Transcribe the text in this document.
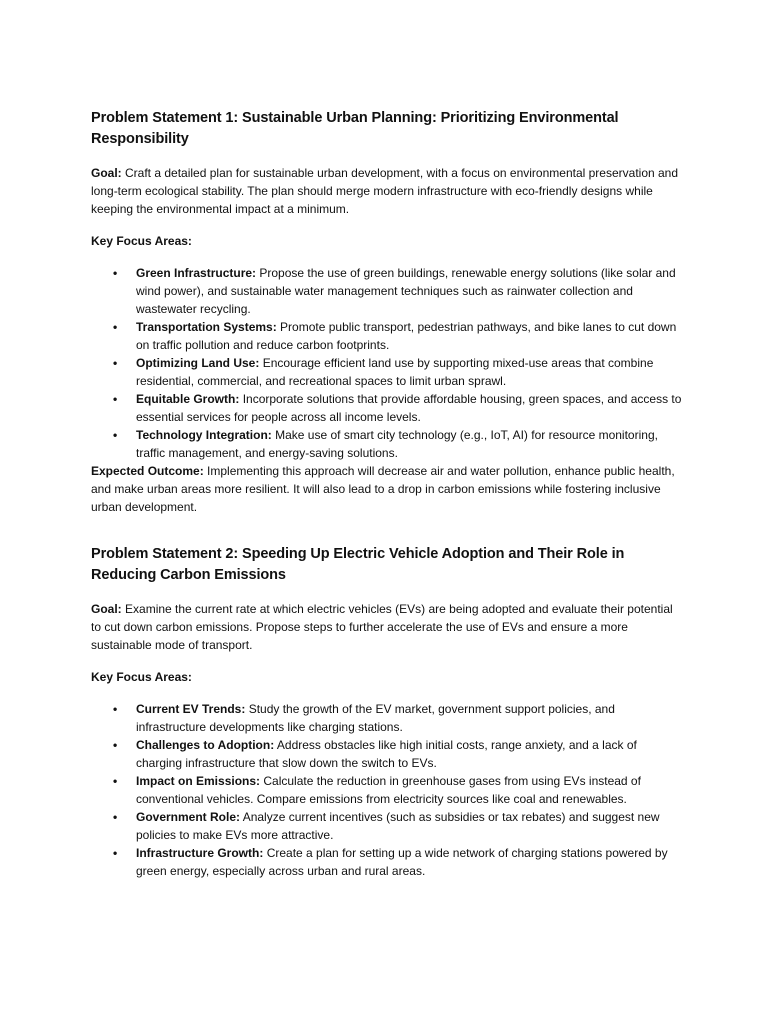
Problem Statement 1: Sustainable Urban Planning: Prioritizing Environmental Responsibility

Goal: Craft a detailed plan for sustainable urban development, with a focus on environmental preservation and long-term ecological stability. The plan should merge modern infrastructure with eco-friendly designs while keeping the environmental impact at a minimum.

Key Focus Areas:

• Green Infrastructure: Propose the use of green buildings, renewable energy solutions (like solar and wind power), and sustainable water management techniques such as rainwater collection and wastewater recycling.
• Transportation Systems: Promote public transport, pedestrian pathways, and bike lanes to cut down on traffic pollution and reduce carbon footprints.
• Optimizing Land Use: Encourage efficient land use by supporting mixed-use areas that combine residential, commercial, and recreational spaces to limit urban sprawl.
• Equitable Growth: Incorporate solutions that provide affordable housing, green spaces, and access to essential services for people across all income levels.
• Technology Integration: Make use of smart city technology (e.g., IoT, AI) for resource monitoring, traffic management, and energy-saving solutions.

Expected Outcome: Implementing this approach will decrease air and water pollution, enhance public health, and make urban areas more resilient. It will also lead to a drop in carbon emissions while fostering inclusive urban development.

Problem Statement 2: Speeding Up Electric Vehicle Adoption and Their Role in Reducing Carbon Emissions

Goal: Examine the current rate at which electric vehicles (EVs) are being adopted and evaluate their potential to cut down carbon emissions. Propose steps to further accelerate the use of EVs and ensure a more sustainable mode of transport.

Key Focus Areas:

• Current EV Trends: Study the growth of the EV market, government support policies, and infrastructure developments like charging stations.
• Challenges to Adoption: Address obstacles like high initial costs, range anxiety, and a lack of charging infrastructure that slow down the switch to EVs.
• Impact on Emissions: Calculate the reduction in greenhouse gases from using EVs instead of conventional vehicles. Compare emissions from electricity sources like coal and renewables.
• Government Role: Analyze current incentives (such as subsidies or tax rebates) and suggest new policies to make EVs more attractive.
• Infrastructure Growth: Create a plan for setting up a wide network of charging stations powered by green energy, especially across urban and rural areas.
